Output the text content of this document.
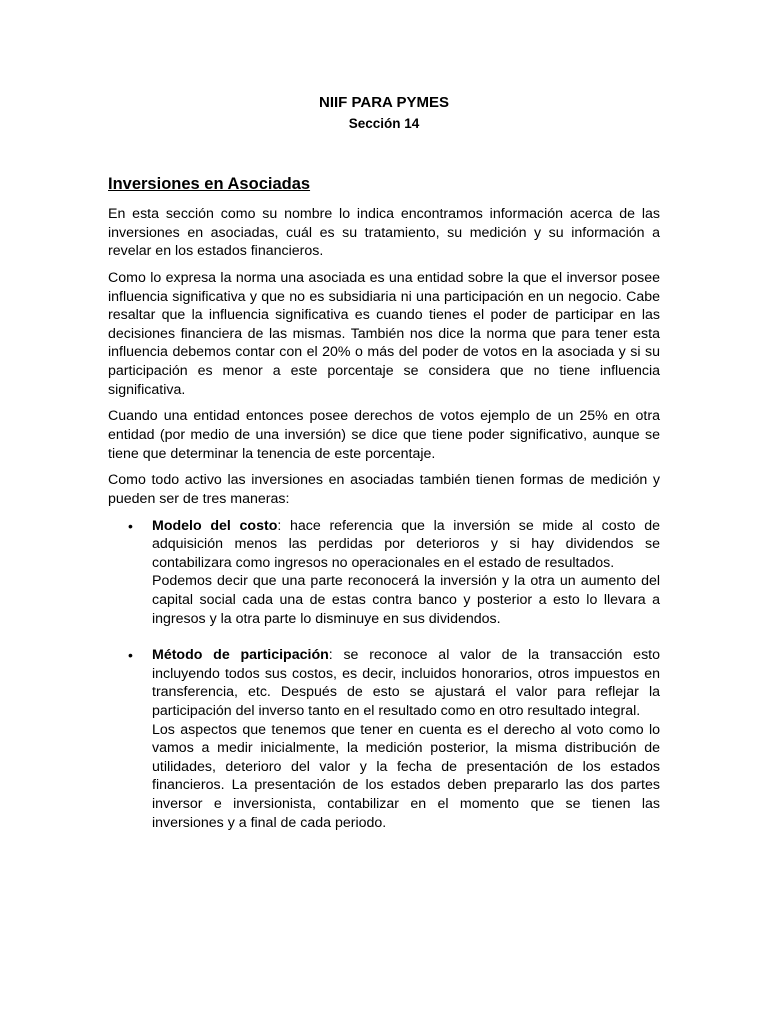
NIIF PARA PYMES
Sección 14
Inversiones en Asociadas

En esta sección como su nombre lo indica encontramos información acerca de las inversiones en asociadas, cuál es su tratamiento, su medición y su información a revelar en los estados financieros.

Como lo expresa la norma una asociada es una entidad sobre la que el inversor posee influencia significativa y que no es subsidiaria ni una participación en un negocio. Cabe resaltar que la influencia significativa es cuando tienes el poder de participar en las decisiones financiera de las mismas. También nos dice la norma que para tener esta influencia debemos contar con el 20% o más del poder de votos en la asociada y si su participación es menor a este porcentaje se considera que no tiene influencia significativa.

Cuando una entidad entonces posee derechos de votos ejemplo de un 25% en otra entidad (por medio de una inversión) se dice que tiene poder significativo, aunque se tiene que determinar la tenencia de este porcentaje.

Como todo activo las inversiones en asociadas también tienen formas de medición y pueden ser de tres maneras:

• Modelo del costo: hace referencia que la inversión se mide al costo de adquisición menos las perdidas por deterioros y si hay dividendos se contabilizara como ingresos no operacionales en el estado de resultados.
Podemos decir que una parte reconocerá la inversión y la otra un aumento del capital social cada una de estas contra banco y posterior a esto lo llevara a ingresos y la otra parte lo disminuye en sus dividendos.
• Método de participación: se reconoce al valor de la transacción esto incluyendo todos sus costos, es decir, incluidos honorarios, otros impuestos en transferencia, etc. Después de esto se ajustará el valor para reflejar la participación del inverso tanto en el resultado como en otro resultado integral.
Los aspectos que tenemos que tener en cuenta es el derecho al voto como lo vamos a medir inicialmente, la medición posterior, la misma distribución de utilidades, deterioro del valor y la fecha de presentación de los estados financieros. La presentación de los estados deben prepararlo las dos partes inversor e inversionista, contabilizar en el momento que se tienen las inversiones y a final de cada periodo.
